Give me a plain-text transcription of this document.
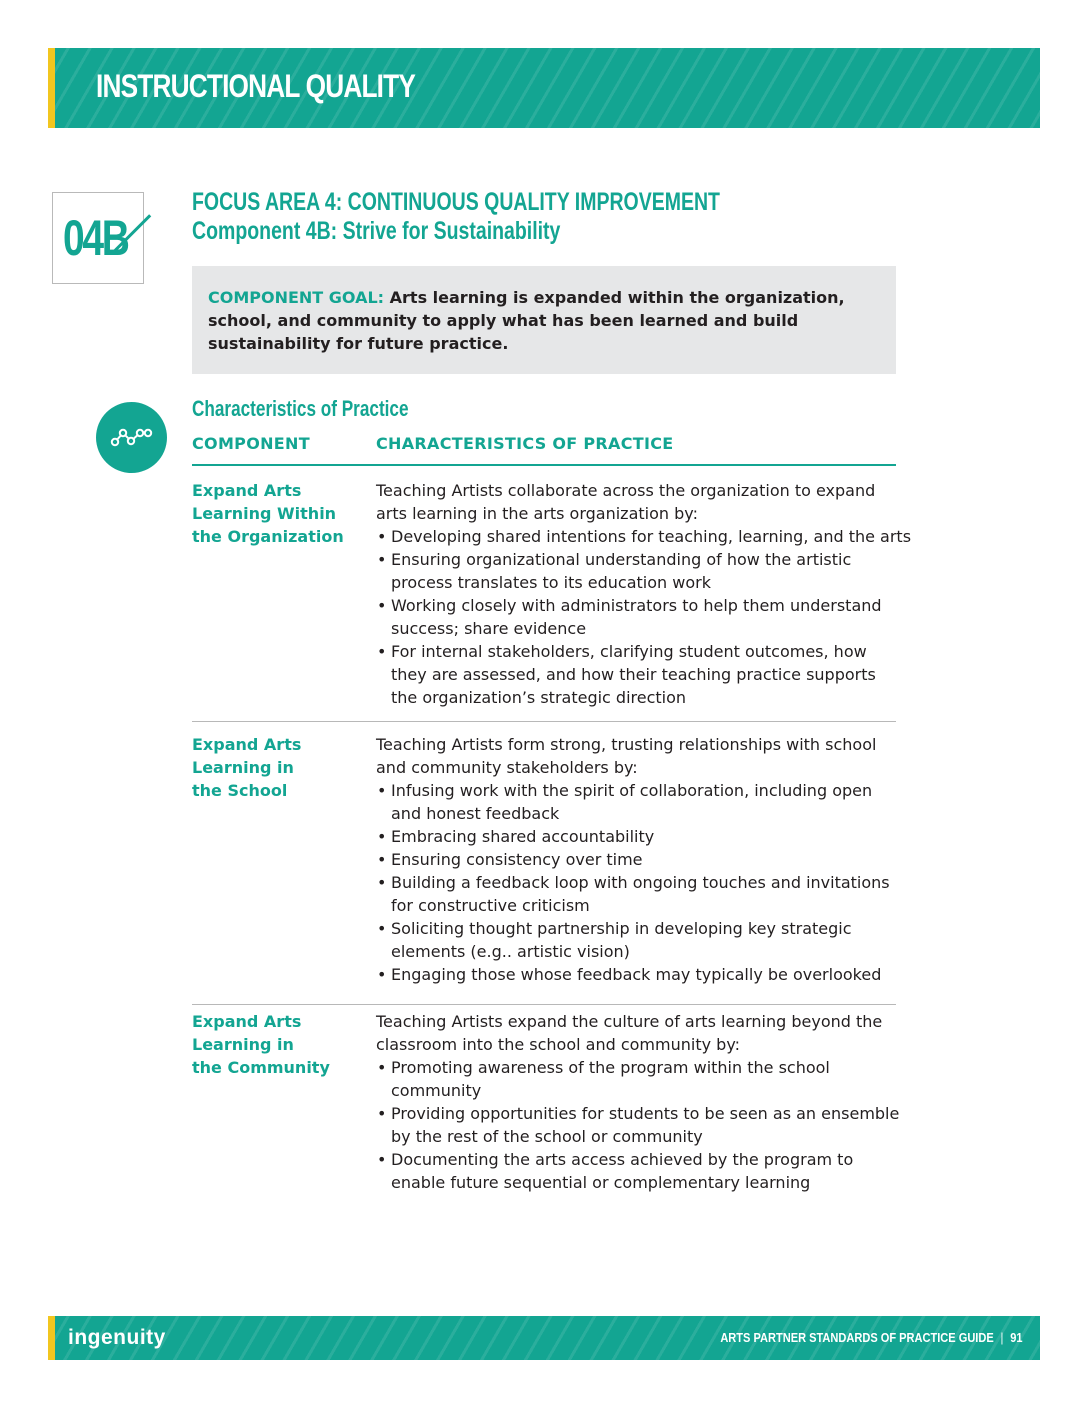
INSTRUCTIONAL QUALITY
04B
FOCUS AREA 4: CONTINUOUS QUALITY IMPROVEMENT
Component 4B: Strive for Sustainability
COMPONENT GOAL: Arts learning is expanded within the organization, school, and community to apply what has been learned and build sustainability for future practice.
Characteristics of Practice
COMPONENT	CHARACTERISTICS OF PRACTICE
Expand Arts
Learning Within
the Organization
Teaching Artists collaborate across the organization to expand
arts learning in the arts organization by:
• Developing shared intentions for teaching, learning, and the arts
• Ensuring organizational understanding of how the artistic
process translates to its education work
• Working closely with administrators to help them understand
success; share evidence
• For internal stakeholders, clarifying student outcomes, how
they are assessed, and how their teaching practice supports
the organization’s strategic direction
Expand Arts
Learning in
the School
Teaching Artists form strong, trusting relationships with school
and community stakeholders by:
• Infusing work with the spirit of collaboration, including open
and honest feedback
• Embracing shared accountability
• Ensuring consistency over time
• Building a feedback loop with ongoing touches and invitations
for constructive criticism
• Soliciting thought partnership in developing key strategic
elements (e.g.. artistic vision)
• Engaging those whose feedback may typically be overlooked
Expand Arts
Learning in
the Community
Teaching Artists expand the culture of arts learning beyond the
classroom into the school and community by:
• Promoting awareness of the program within the school community
• Providing opportunities for students to be seen as an ensemble
by the rest of the school or community
• Documenting the arts access achieved by the program to
enable future sequential or complementary learning
ingenuity	ARTS PARTNER STANDARDS OF PRACTICE GUIDE | 91
